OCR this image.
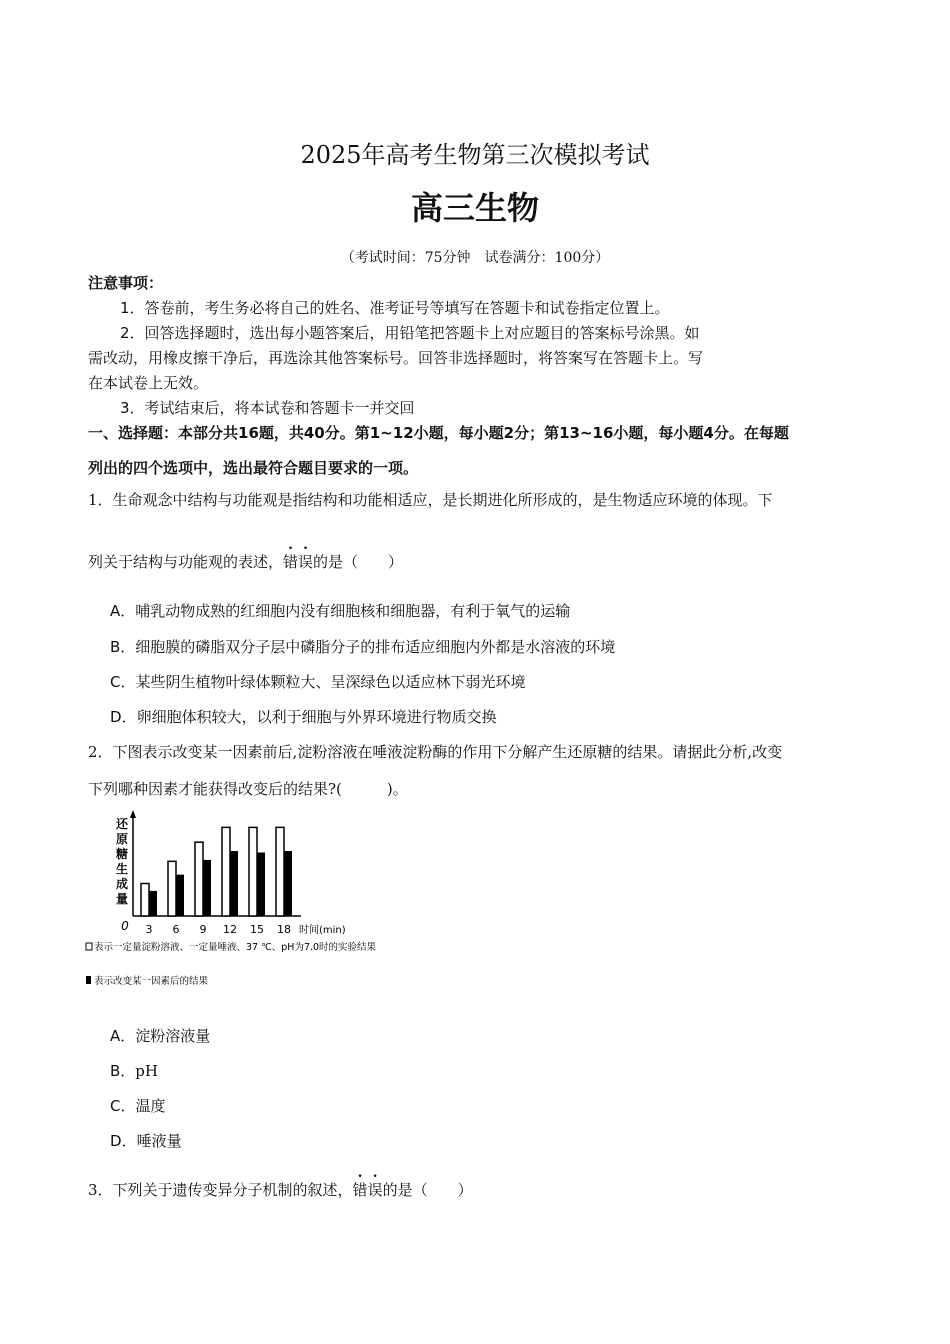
2025年高考生物第三次模拟考试
高三生物
（考试时间：75分钟　试卷满分：100分）
注意事项：
1．答卷前，考生务必将自己的姓名、准考证号等填写在答题卡和试卷指定位置上。
2．回答选择题时，选出每小题答案后，用铅笔把答题卡上对应题目的答案标号涂黑。如
需改动，用橡皮擦干净后，再选涂其他答案标号。回答非选择题时，将答案写在答题卡上。写
在本试卷上无效。
3．考试结束后，将本试卷和答题卡一并交回
一、选择题：本部分共16题，共40分。第1~12小题，每小题2分；第13~16小题，每小题4分。在每题
列出的四个选项中，选出最符合题目要求的一项。
1．生命观念中结构与功能观是指结构和功能相适应，是长期进化所形成的，是生物适应环境的体现。下
列关于结构与功能观的表述，错误的是（　　）
A．哺乳动物成熟的红细胞内没有细胞核和细胞器，有利于氧气的运输
B．细胞膜的磷脂双分子层中磷脂分子的排布适应细胞内外都是水溶液的环境
C．某些阴生植物叶绿体颗粒大、呈深绿色以适应林下弱光环境
D．卵细胞体积较大，以利于细胞与外界环境进行物质交换
2．下图表示改变某一因素前后,淀粉溶液在唾液淀粉酶的作用下分解产生还原糖的结果。请据此分析,改变
下列哪种因素才能获得改变后的结果?(　　　)。
还
原
糖
生
成
量
0	时间(min)
3 6 9 12 15 18
表示一定量淀粉溶液、一定量唾液、37 ℃、pH为7.0时的实验结果
表示改变某一因素后的结果
A．淀粉溶液量
B．pH
C．温度
D．唾液量
3．下列关于遗传变异分子机制的叙述，错误的是（　　）
